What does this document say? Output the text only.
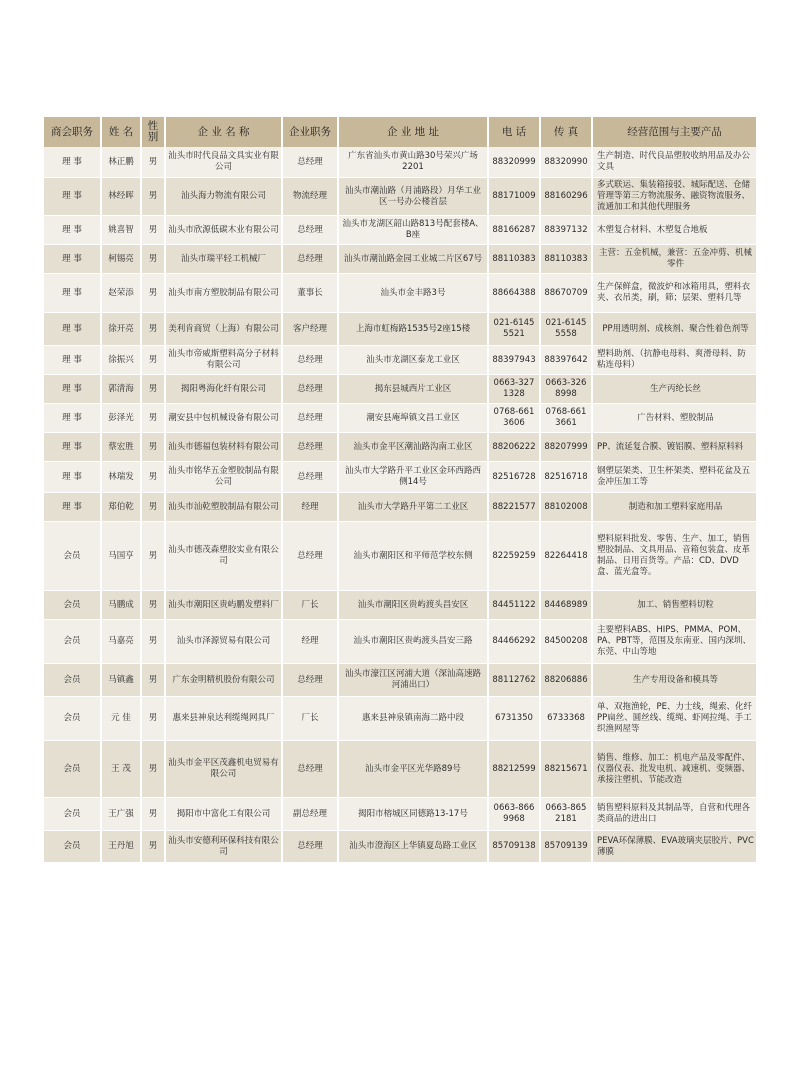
商会职务	姓 名	性别	企 业 名 称	企业职务	企 业 地 址	电 话	传 真	经营范围与主要产品
理 事	林正鹏	男	汕头市时代良品文具实业有限公司	总经理	广东省汕头市黄山路30号荣兴广场2201	88320999	88320990	生产制造、时代良品塑胶收纳用品及办公文具
理 事	林经晖	男	汕头海力物流有限公司	物流经理	汕头市潮汕路（月浦路段）月华工业区一号办公楼首层	88171009	88160296	多式联运、集装箱接驳、城际配送、仓储管理等第三方物流服务、融资物流服务、流通加工和其他代理服务
理 事	姚喜智	男	汕头市欣源低碳木业有限公司	总经理	汕头市龙湖区韶山路813号配套楼A、B座	88166287	88397132	木塑复合材料、木塑复合地板
理 事	柯锡亮	男	汕头市瑞平轻工机械厂	总经理	汕头市潮汕路金园工业城二片区67号	88110383	88110383	主营：五金机械，兼营：五金冲剪、机械零件
理 事	赵荣添	男	汕头市南方塑胶制品有限公司	董事长	汕头市金丰路3号	88664388	88670709	生产保鲜盒，微波炉和冰箱用具，塑料衣夹、衣吊类，刷，筛；层架、塑料几等
理 事	徐开亮	男	美利肯商贸（上海）有限公司	客户经理	上海市虹梅路1535号2座15楼	021-61455521	021-61455558	PP用透明剂、成核剂、聚合性着色剂等
理 事	徐振兴	男	汕头市帝威斯塑料高分子材料有限公司	总经理	汕头市龙湖区泰龙工业区	88397943	88397642	塑料助剂、（抗静电母料、爽滑母料、防粘连母料）
理 事	郭清海	男	揭阳粤海化纤有限公司	总经理	揭东县城西片工业区	0663-3271328	0663-3268998	生产丙纶长丝
理 事	彭泽光	男	潮安县中包机械设备有限公司	总经理	潮安县庵埠镇文昌工业区	0768-6613606	0768-6613661	广告材料、塑胶制品
理 事	蔡宏胜	男	汕头市德福包装材料有限公司	总经理	汕头市金平区潮汕路沟南工业区	88206222	88207999	PP、流延复合膜、镀铝膜、塑料原料料
理 事	林瑞发	男	汕头市铭华五金塑胶制品有限公司	总经理	汕头市大学路升平工业区金环西路西侧14号	82516728	82516718	钢塑层架类、卫生杯架类、塑料花盆及五金冲压加工等
理 事	郑伯乾	男	汕头市汕乾塑胶制品有限公司	经理	汕头市大学路升平第二工业区	88221577	88102008	制造和加工塑料家庭用品
会员	马国亨	男	汕头市德茂森塑胶实业有限公司	总经理	汕头市潮阳区和平师范学校东侧	82259259	82264418	塑料原料批发、零售、生产、加工，销售塑胶制品、文具用品、音箱包装盒、皮革制品、日用百货等。产品：CD、DVD盒、蓝光盒等。
会员	马鹏成	男	汕头市潮阳区贵屿鹏发塑料厂	厂长	汕头市潮阳区贵屿渡头昌安区	84451122	84468989	加工、销售塑料切粒
会员	马嘉亮	男	汕头市泽源贸易有限公司	经理	汕头市潮阳区贵屿渡头昌安三路	84466292	84500208	主要塑料ABS、HIPS、PMMA、POM、PA、PBT等，范围及东南亚、国内深圳、东莞、中山等地
会员	马镇鑫	男	广东金明精机股份有限公司	总经理	汕头市濠江区河浦大道（深汕高速路河浦出口）	88112762	88206886	生产专用设备和模具等
会员	元 佳	男	惠来县神泉达利缆绳网具厂	厂长	惠来县神泉镇南海二路中段	6731350	6733368	单、双拖渔轮，PE、力士线，绳索、化纤PP扁丝、圆丝线、缆绳、虾网拉绳、手工织渔网屋等
会员	王 茂	男	汕头市金平区茂鑫机电贸易有限公司	总经理	汕头市金平区光华路89号	88212599	88215671	销售、维修、加工：机电产品及零配件、仪器仪表、批发电机、减速机、变频器、承接注塑机、节能改造
会员	王广强	男	揭阳市中富化工有限公司	副总经理	揭阳市榕城区同德路13-17号	0663-8669968	0663-8652181	销售塑料原料及其制品等，自营和代理各类商品的进出口
会员	王丹旭	男	汕头市安德利环保科技有限公司	总经理	汕头市澄海区上华镇夏岛路工业区	85709138	85709139	PEVA环保薄膜、EVA玻璃夹层胶片、PVC薄膜
